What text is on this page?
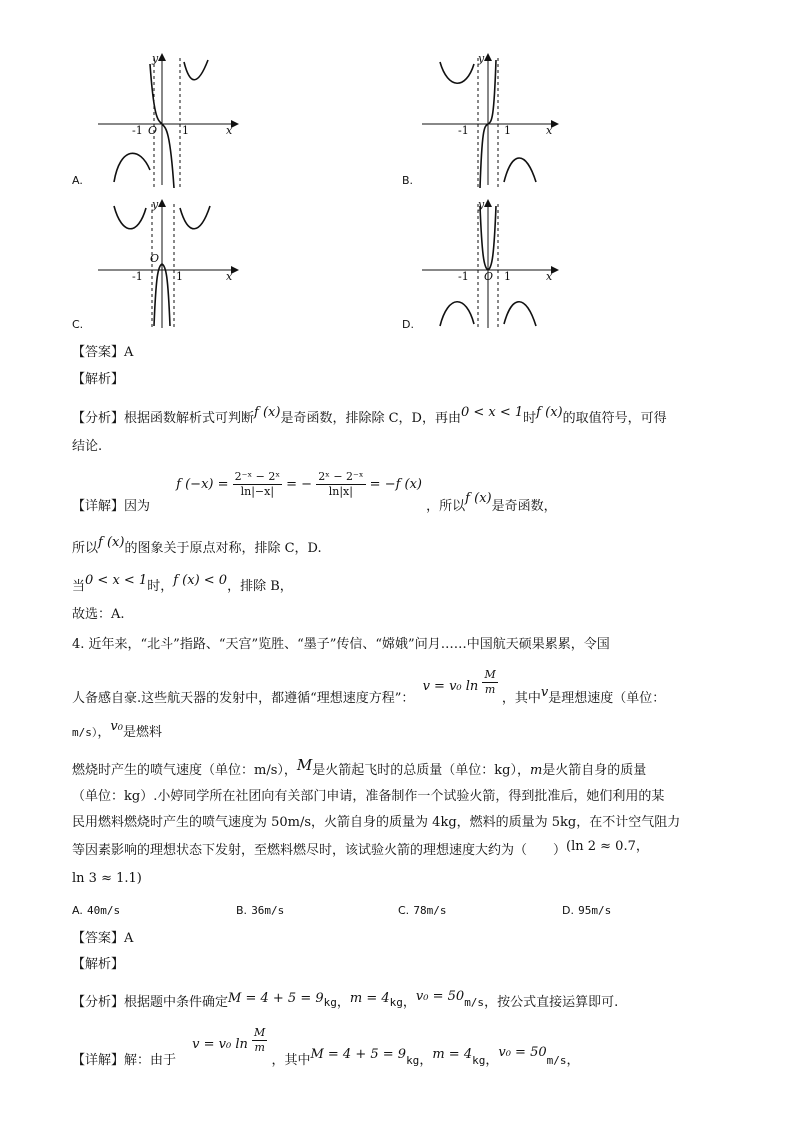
-1 O 1	x
y
A.
-1	1	x
y
B.
-1
O
1	x
y
C.
-1 O 1	x
y
D.
【答案】A
【解析】
【分析】根据函数解析式可判断f (x)是奇函数，排除除 C，D，再由0 < x < 1时f (x)的取值符号，可得
结论.
【详解】因为 f $(-x) = \frac{\text{2⁻ˣ − 2ˣ}}{\ln|-x|}$ = − $\frac{\text{2ˣ − 2⁻ˣ}}{\ln|x|} = -f$ (x) ，所以f (x)是奇函数，
所以f (x)的图象关于原点对称，排除 C，D.
当0 < x < 1时，f (x) < 0，排除 B，
故选：A.
4. 近年来，“北斗”指路、“天宫”览胜、“墨子”传信、“嫦娥”问月……中国航天硕果累累，令国
人备感自豪.这些航天器的发射中，都遵循“理想速度方程”： v = v₀ $\ln \frac{M}{m}$
，其中v是理想速度（单位：
m/s），v₀是燃料
燃烧时产生的喷气速度（单位：m/s），M是火箭起飞时的总质量（单位：kg），m是火箭自身的质量
（单位：kg）.小婷同学所在社团向有关部门申请，准备制作一个试验火箭，得到批准后，她们利用的某
民用燃料燃烧时产生的喷气速度为 50m/s，火箭自身的质量为 4kg，燃料的质量为 5kg，在不计空气阻力
等因素影响的理想状态下发射，至燃料燃尽时，该试验火箭的理想速度大约为（　　）(ln 2 ≈ 0.7，
ln 3 ≈ 1.1)
A. 40m/s	B. 36m/s	C. 78m/s	D. 95m/s
【答案】A
【解析】
【分析】根据题中条件确定M = 4 + 5 = 9kg，m = 4kg，v₀ = 50m/s，按公式直接运算即可.
【详解】解：由于 v = v₀ $\ln \frac{M}{m}$
，其中$M = 4 + 5 = 9_{kg}$，$m = 4_{kg}$，$v_0 = 50_{m/s}$，
